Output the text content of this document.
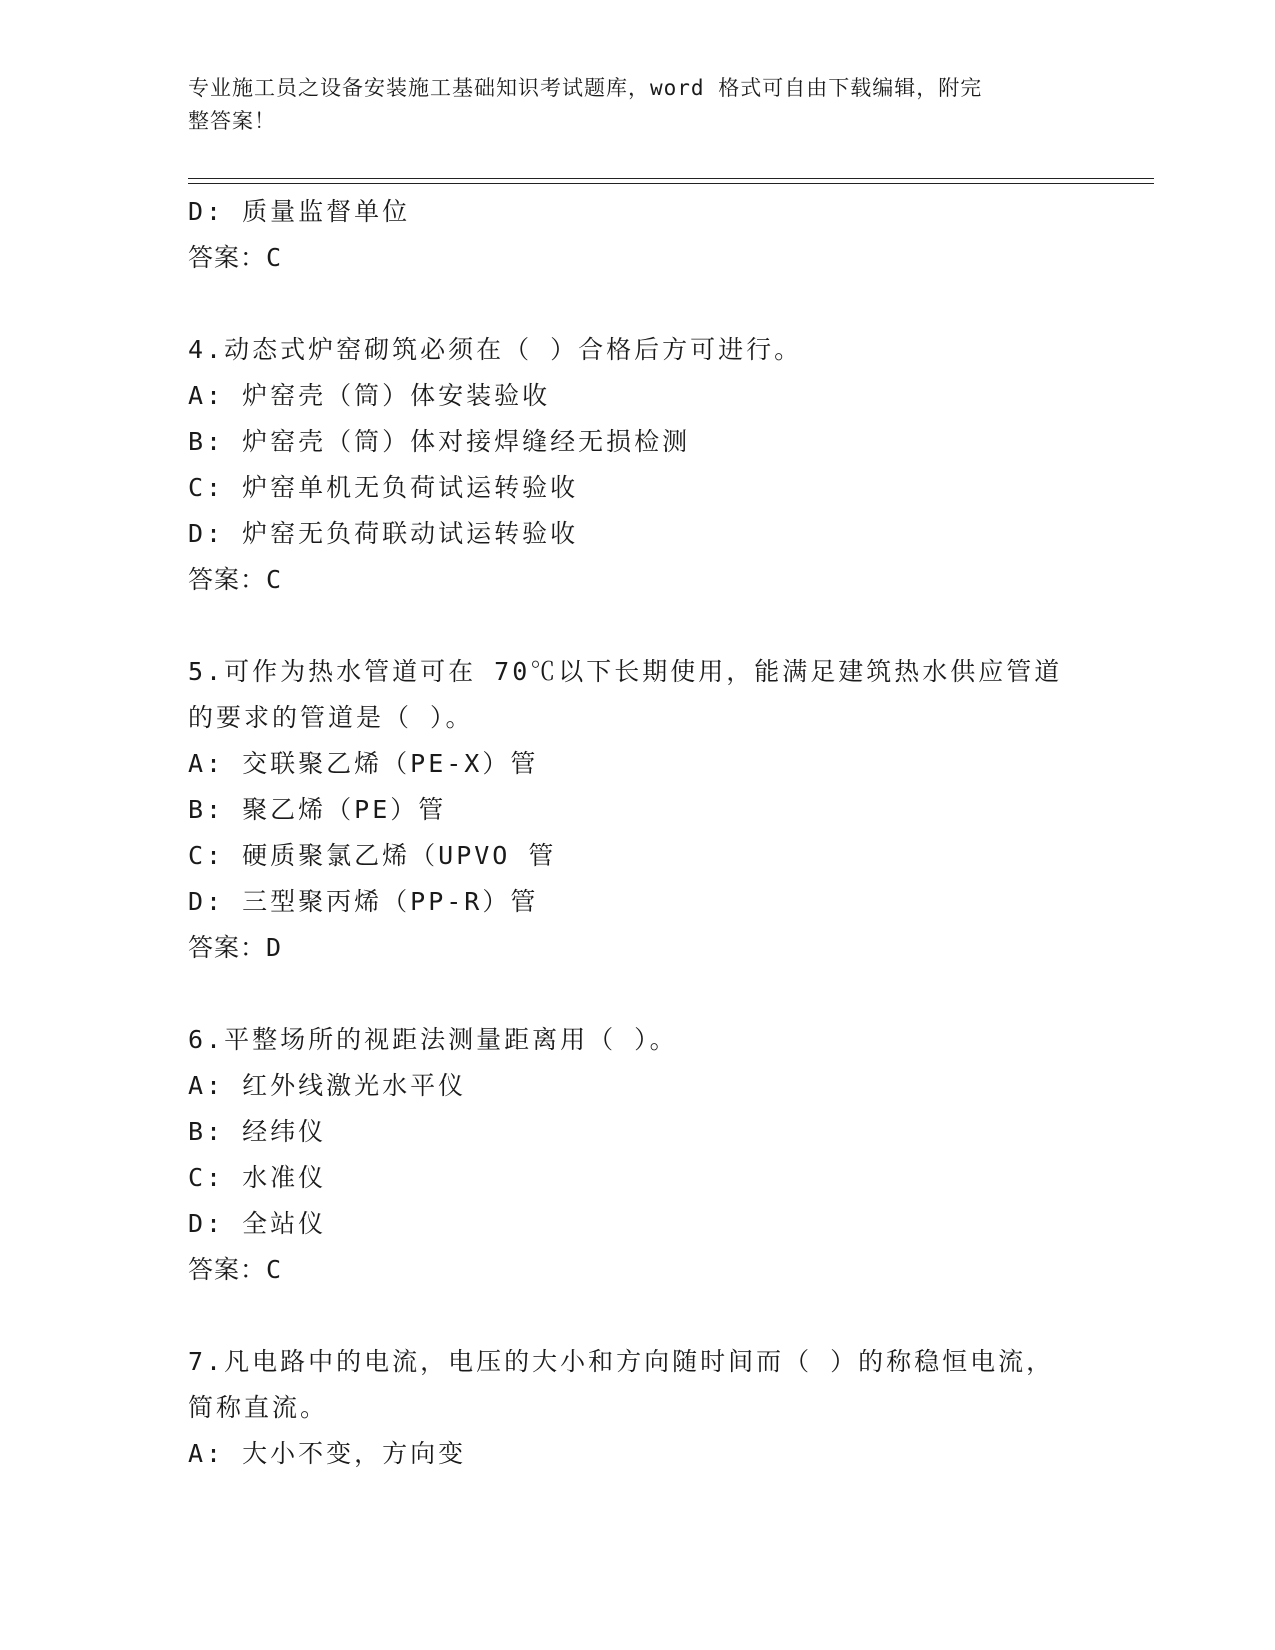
专业施工员之设备安装施工基础知识考试题库，word 格式可自由下载编辑，附完
整答案！
D: 质量监督单位
答案：C
4.动态式炉窑砌筑必须在（ ）合格后方可进行。
A: 炉窑壳（筒）体安装验收
B: 炉窑壳（筒）体对接焊缝经无损检测
C: 炉窑单机无负荷试运转验收
D: 炉窑无负荷联动试运转验收
答案：C
5.可作为热水管道可在 70℃以下长期使用，能满足建筑热水供应管道
的要求的管道是（ ）。
A: 交联聚乙烯（PE-X）管
B: 聚乙烯（PE）管
C: 硬质聚氯乙烯（UPVO 管
D: 三型聚丙烯（PP-R）管
答案：D
6.平整场所的视距法测量距离用（ ）。
A: 红外线激光水平仪
B: 经纬仪
C: 水准仪
D: 全站仪
答案：C
7.凡电路中的电流，电压的大小和方向随时间而（ ）的称稳恒电流，
简称直流。
A: 大小不变，方向变
